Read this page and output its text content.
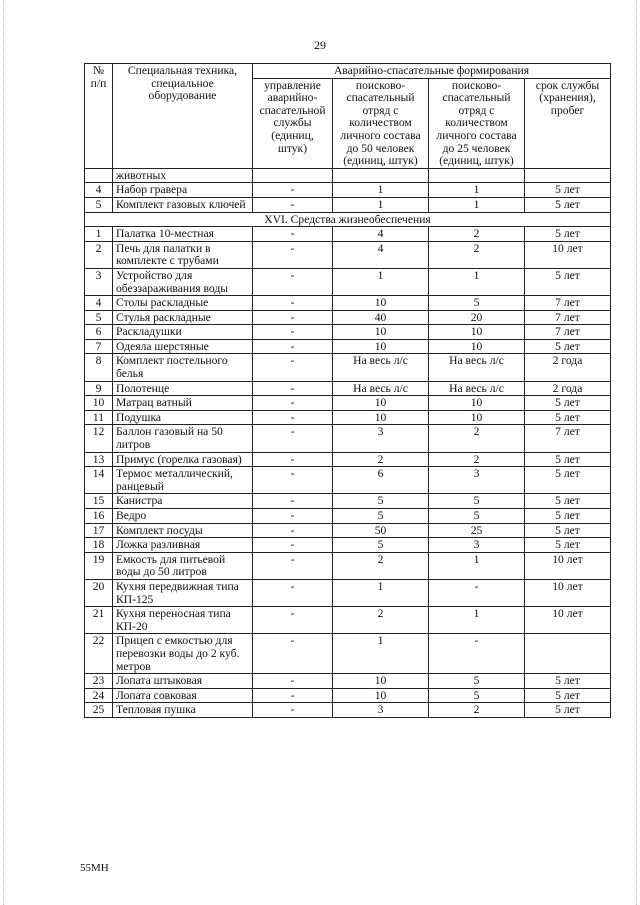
29
№ п/п	Специальная техника, специальное оборудование	Аварийно-спасательные формирования			
		управление аварийно-спасательной службы (единиц, штук)	поисково-спасательный отряд с количеством личного состава до 50 человек (единиц, штук)	поисково-спасательный отряд с количеством личного состава до 25 человек (единиц, штук)	срок службы (хранения), пробег
	животных				
4	Набор гравера	-	1	1	5 лет
5	Комплект газовых ключей	-	1	1	5 лет
XVI. Средства жизнеобеспечения					
1	Палатка 10-местная	-	4	2	5 лет
2	Печь для палатки в комплекте с трубами	-	4	2	10 лет
3	Устройство для обеззараживания воды	-	1	1	5 лет
4	Столы раскладные	-	10	5	7 лет
5	Стулья раскладные	-	40	20	7 лет
6	Раскладушки	-	10	10	7 лет
7	Одеяла шерстяные	-	10	10	5 лет
8	Комплект постельного белья	-	На весь л/с	На весь л/с	2 года
9	Полотенце	-	На весь л/с	На весь л/с	2 года
10	Матрац ватный	-	10	10	5 лет
11	Подушка	-	10	10	5 лет
12	Баллон газовый на 50 литров	-	3	2	7 лет
13	Примус (горелка газовая)	-	2	2	5 лет
14	Термос металлический, ранцевый	-	6	3	5 лет
15	Канистра	-	5	5	5 лет
16	Ведро	-	5	5	5 лет
17	Комплект посуды	-	50	25	5 лет
18	Ложка разливная	-	5	3	5 лет
19	Емкость для питьевой воды до 50 литров	-	2	1	10 лет
20	Кухня передвижная типа КП-125	-	1	-	10 лет
21	Кухня переносная типа КП-20	-	2	1	10 лет
22	Прицеп с емкостью для перевозки воды до 2 куб. метров	-	1	-	
23	Лопата штыковая	-	10	5	5 лет
24	Лопата совковая	-	10	5	5 лет
25	Тепловая пушка	-	3	2	5 лет
55МН
